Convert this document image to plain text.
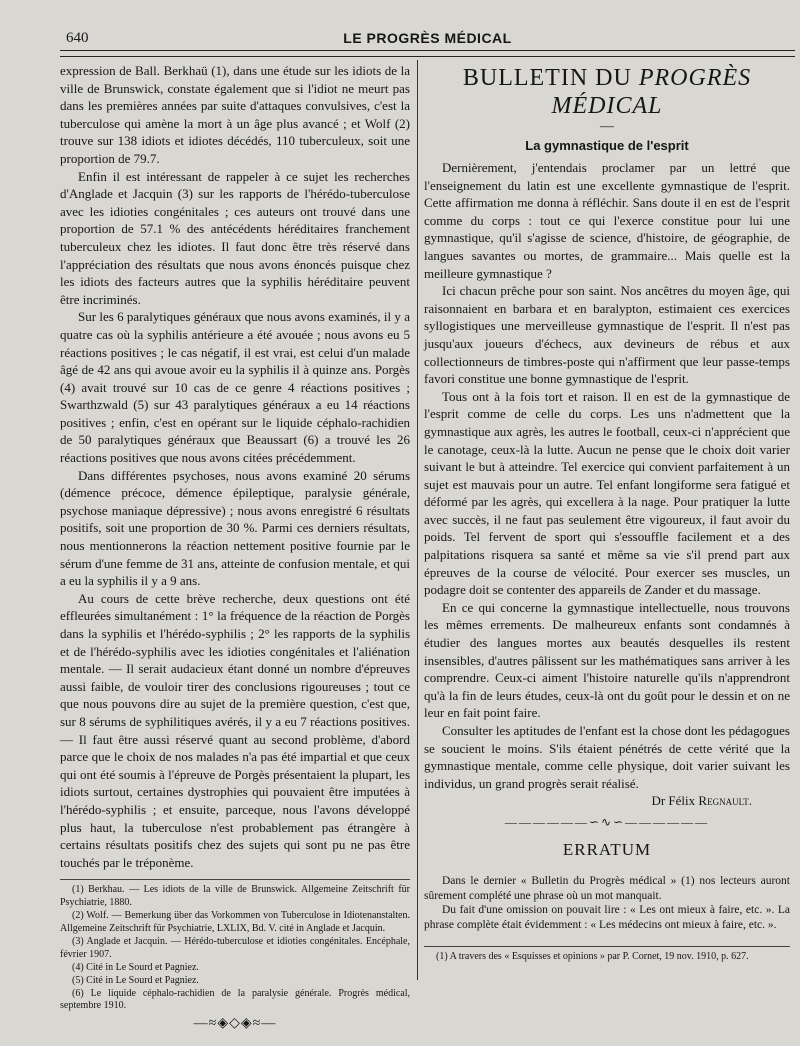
640	LE PROGRÈS MÉDICAL

expression de Ball. Berkhaü (1), dans une étude sur les idiots de la ville de Brunswick, constate également que si l'idiot ne meurt pas dans les premières années par suite d'attaques convulsives, c'est la tuberculose qui amène la mort à un âge plus avancé ; et Wolf (2) trouve sur 138 idiots et idiotes décédés, 110 tuberculeux, soit une proportion de 79.7.

Enfin il est intéressant de rappeler à ce sujet les recherches d'Anglade et Jacquin (3) sur les rapports de l'hérédo-tuberculose avec les idioties congénitales ; ces auteurs ont trouvé dans une proportion de 57.1 % des antécédents héréditaires franchement tuberculeux chez les idiotes. Il faut donc être très réservé dans l'appréciation des résultats que nous avons énoncés puisque chez les idiots des facteurs autres que la syphilis héréditaire peuvent être incriminés.

Sur les 6 paralytiques généraux que nous avons examinés, il y a quatre cas où la syphilis antérieure a été avouée ; nous avons eu 5 réactions positives ; le cas négatif, il est vrai, est celui d'un malade âgé de 42 ans qui avoue avoir eu la syphilis il à quinze ans. Porgès (4) avait trouvé sur 10 cas de ce genre 4 réactions positives ; Swarthzwald (5) sur 43 paralytiques généraux a eu 14 réactions positives ; enfin, c'est en opérant sur le liquide céphalo-rachidien de 50 paralytiques généraux que Beaussart (6) a trouvé les 26 réactions positives que nous avons citées précédemment.

Dans différentes psychoses, nous avons examiné 20 sérums (démence précoce, démence épileptique, paralysie générale, psychose maniaque dépressive) ; nous avons enregistré 6 résultats positifs, soit une proportion de 30 %. Parmi ces derniers résultats, nous mentionnerons la réaction nettement positive fournie par le sérum d'une femme de 31 ans, atteinte de confusion mentale, et qui a eu la syphilis il y a 9 ans.

Au cours de cette brève recherche, deux questions ont été effleurées simultanément : 1° la fréquence de la réaction de Porgès dans la syphilis et l'hérédo-syphilis ; 2° les rapports de la syphilis et de l'hérédo-syphilis avec les idioties congénitales et l'aliénation mentale. — Il serait audacieux étant donné un nombre d'épreuves aussi faible, de vouloir tirer des conclusions rigoureuses ; tout ce que nous pouvons dire au sujet de la première question, c'est que, sur 8 sérums de syphilitiques avérés, il y a eu 7 réactions positives. — Il faut être aussi réservé quant au second problème, d'abord parce que le choix de nos malades n'a pas été impartial et que ceux qui ont été soumis à l'épreuve de Porgès présentaient la plupart, les idiots surtout, certaines dystrophies qui pouvaient être imputées à l'hérédo-syphilis ; et ensuite, parceque, nous l'avons développé plus haut, la tuberculose n'est probablement pas étrangère à certains résultats positifs chez des sujets qui sont pu ne pas être touchés par le tréponème.

(1) Berkhau. — Les idiots de la ville de Brunswick. Allgemeine Zeitschrift für Psychiatrie, 1880.

(2) Wolf. — Bemerkung über das Vorkommen von Tuberculose in Idiotenanstalten. Allgemeine Zeitschrift für Psychiatrie, LXLIX, Bd. V. cité in Anglade et Jacquin.

(3) Anglade et Jacquin. — Hérédo-tuberculose et idioties congénitales. Encéphale, février 1907.

(4) Cité in Le Sourd et Pagniez.

(5) Cité in Le Sourd et Pagniez.

(6) Le liquide céphalo-rachidien de la paralysie générale. Progrès médical, septembre 1910.

—≈◈◇◈≈—
BULLETIN DU PROGRÈS MÉDICAL
—
La gymnastique de l'esprit

Dernièrement, j'entendais proclamer par un lettré que l'enseignement du latin est une excellente gymnastique de l'esprit. Cette affirmation me donna à réfléchir. Sans doute il en est de l'esprit comme du corps : tout ce qui l'exerce constitue pour lui une gymnastique, qu'il s'agisse de science, d'histoire, de géographie, de langues savantes ou mortes, de grammaire... Mais quelle est la meilleure gymnastique ?

Ici chacun prêche pour son saint. Nos ancêtres du moyen âge, qui raisonnaient en barbara et en baralypton, estimaient ces exercices syllogistiques une merveilleuse gymnastique de l'esprit. Il n'est pas jusqu'aux joueurs d'échecs, aux devineurs de rébus et aux collectionneurs de timbres-poste qui n'affirment que leur passe-temps favori constitue une bonne gymnastique de l'esprit.

Tous ont à la fois tort et raison. Il en est de la gymnastique de l'esprit comme de celle du corps. Les uns n'admettent que la gymnastique aux agrès, les autres le football, ceux-ci n'apprécient que le canotage, ceux-là la lutte. Aucun ne pense que le choix doit varier suivant le but à atteindre. Tel exercice qui convient parfaitement à un sujet est mauvais pour un autre. Tel enfant longiforme sera fatigué et déformé par les agrès, qui excellera à la nage. Pour pratiquer la lutte avec succès, il ne faut pas seulement être vigoureux, il faut avoir du poids. Tel fervent de sport qui s'essouffle facilement et a des palpitations risquera sa santé et même sa vie s'il prend part aux épreuves de la course de vélocité. Pour exercer ses muscles, un podagre doit se contenter des appareils de Zander et du massage.

En ce qui concerne la gymnastique intellectuelle, nous trouvons les mêmes errements. De malheureux enfants sont condamnés à étudier des langues mortes aux beautés desquelles ils restent insensibles, d'autres pâlissent sur les mathématiques sans arriver à les comprendre. Ceux-ci aiment l'histoire naturelle qu'ils n'apprendront qu'à la fin de leurs études, ceux-là ont du goût pour le dessin et on ne leur en fait point faire.

Consulter les aptitudes de l'enfant est la chose dont les pédagogues se soucient le moins. S'ils étaient pénétrés de cette vérité que la gymnastique mentale, comme celle physique, doit varier suivant les individus, un grand progrès serait réalisé.

Dr Félix Regnault.
——————∽∿∽——————
ERRATUM

Dans le dernier « Bulletin du Progrès médical » (1) nos lecteurs auront sûrement complété une phrase où un mot manquait.

Du fait d'une omission on pouvait lire : « Les ont mieux à faire, etc. ». La phrase complète était évidemment : « Les médecins ont mieux à faire, etc. ».

(1) A travers des « Esquisses et opinions » par P. Cornet, 19 nov. 1910, p. 627.
